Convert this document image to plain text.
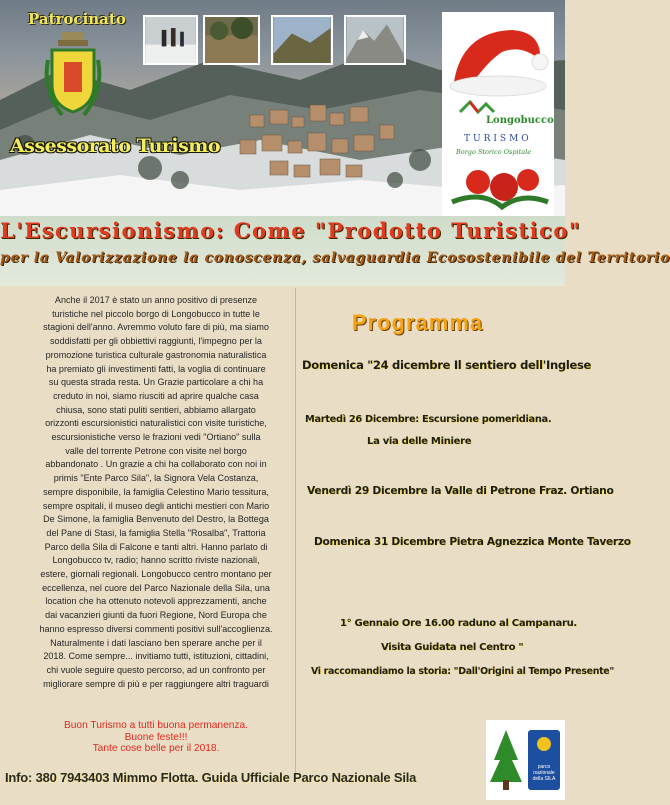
Patrocinato
Assessorato Turismo
Longobucco
TURISMO
Borgo Storico Ospitale
L'Escursionismo: Come "Prodotto Turistico"
per la Valorizzazione la conoscenza, salvaguardia Ecosostenibile del Territorio

Anche il 2017 è stato un anno positivo di presenze
turistiche nel piccolo borgo di Longobucco in tutte le
stagioni dell'anno. Avremmo voluto fare di più, ma siamo
soddisfatti per gli obbiettivi raggiunti, l'impegno per la
promozione turistica culturale gastronomia naturalistica
ha premiato gli investimenti fatti, la voglia di continuare
su questa strada resta. Un Grazie particolare a chi ha
creduto in noi, siamo riusciti ad aprire qualche casa
chiusa, sono stati puliti sentieri, abbiamo allargato
orizzonti escursionistici naturalistici con visite turistiche,
escursionistiche verso le frazioni vedi "Ortiano" sulla
valle del torrente Petrone con visite nel borgo
abbandonato . Un grazie a chi ha collaborato con noi in
primis "Ente Parco Sila", la Signora Vela Costanza,
sempre disponibile, la famiglia Celestino Mario tessitura,
sempre ospitali, il museo degli antichi mestieri con Mario
De Simone, la famiglia Benvenuto del Destro, la Bottega
del Pane di Stasi, la famiglia Stella "Rosalba", Trattoria
Parco della Sila di Falcone e tanti altri. Hanno parlato di
Longobucco tv, radio; hanno scritto riviste nazionali,
estere, giornali regionali. Longobucco centro montano per
eccellenza, nel cuore del Parco Nazionale della Sila, una
location che ha ottenuto notevoli apprezzamenti, anche
dai vacanzieri giunti da fuori Regione, Nord Europa che
hanno espresso diversi commenti positivi sull'accoglienza.
Naturalmente i dati lasciano ben sperare anche per il
2018. Come sempre... invitiamo tutti, istituzioni, cittadini,
chi vuole seguire questo percorso, ad un confronto per
migliorare sempre di più e per raggiungere altri traguardi

Buon Turismo a tutti buona permanenza.
Buone feste!!!
Tante cose belle per il 2018.
Programma
Domenica "24 dicembre Il sentiero dell'Inglese
Martedì 26 Dicembre: Escursione pomeridiana.
La via delle Miniere
Venerdì 29 Dicembre la Valle di Petrone Fraz. Ortiano
Domenica 31 Dicembre Pietra Agnezzica Monte Taverzo
1° Gennaio Ore 16.00 raduno al Campanaru.
Visita Guidata nel Centro "
Vi raccomandiamo la storia: "Dall'Origini al Tempo Presente"
Info: 380 7943403 Mimmo Flotta. Guida Ufficiale Parco Nazionale Sila
parco nazionale della SILA
